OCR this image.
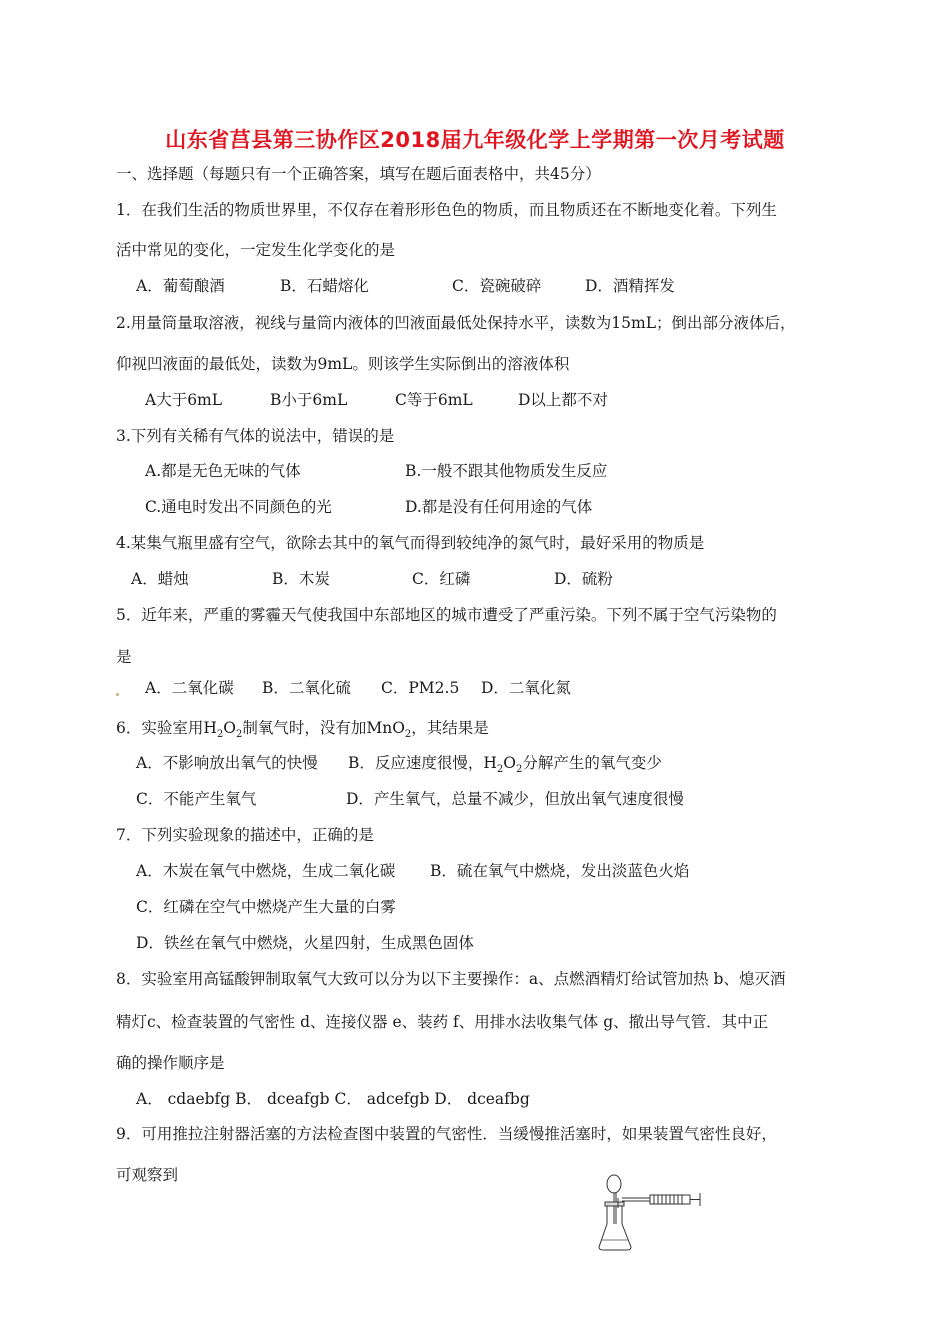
山东省莒县第三协作区2018届九年级化学上学期第一次月考试题
一、选择题（每题只有一个正确答案，填写在题后面表格中，共45分）
1．在我们生活的物质世界里，不仅存在着形形色色的物质，而且物质还在不断地变化着。下列生
活中常见的变化，一定发生化学变化的是
A．葡萄酿酒	B．石蜡熔化	C．瓷碗破碎	D．酒精挥发
2.用量筒量取溶液，视线与量筒内液体的凹液面最低处保持水平，读数为15mL；倒出部分液体后，
仰视凹液面的最低处，读数为9mL。则该学生实际倒出的溶液体积
A大于6mL	B小于6mL	C等于6mL	D以上都不对
3.下列有关稀有气体的说法中，错误的是
A.都是无色无味的气体	B.一般不跟其他物质发生反应
C.通电时发出不同颜色的光	D.都是没有任何用途的气体
4.某集气瓶里盛有空气，欲除去其中的氧气而得到较纯净的氮气时，最好采用的物质是
A．蜡烛	B．木炭	C．红磷	D．硫粉
5．近年来，严重的雾霾天气使我国中东部地区的城市遭受了严重污染。下列不属于空气污染物的
是
A．二氧化碳 B．二氧化硫 C．PM2.5 D．二氧化氮
6．实验室用$H_2O_2$制氧气时，没有加MnO$_2$，其结果是
A．不影响放出氧气的快慢 B．反应速度很慢，$H_2O_2$分解产生的氧气变少
C．不能产生氧气	D．产生氧气，总量不减少，但放出氧气速度很慢
7．下列实验现象的描述中，正确的是
A．木炭在氧气中燃烧，生成二氧化碳 B．硫在氧气中燃烧，发出淡蓝色火焰
C．红磷在空气中燃烧产生大量的白雾
D．铁丝在氧气中燃烧，火星四射，生成黑色固体
8．实验室用高锰酸钾制取氧气大致可以分为以下主要操作：a、点燃酒精灯给试管加热 b、熄灭酒
精灯c、检查装置的气密性 d、连接仪器 e、装药 f、用排水法收集气体 g、撤出导气管．其中正
确的操作顺序是
A． cdaebfg B． dceafgb C． adcefgb D． dceafbg
9．可用推拉注射器活塞的方法检查图中装置的气密性．当缓慢推活塞时，如果装置气密性良好，
可观察到
